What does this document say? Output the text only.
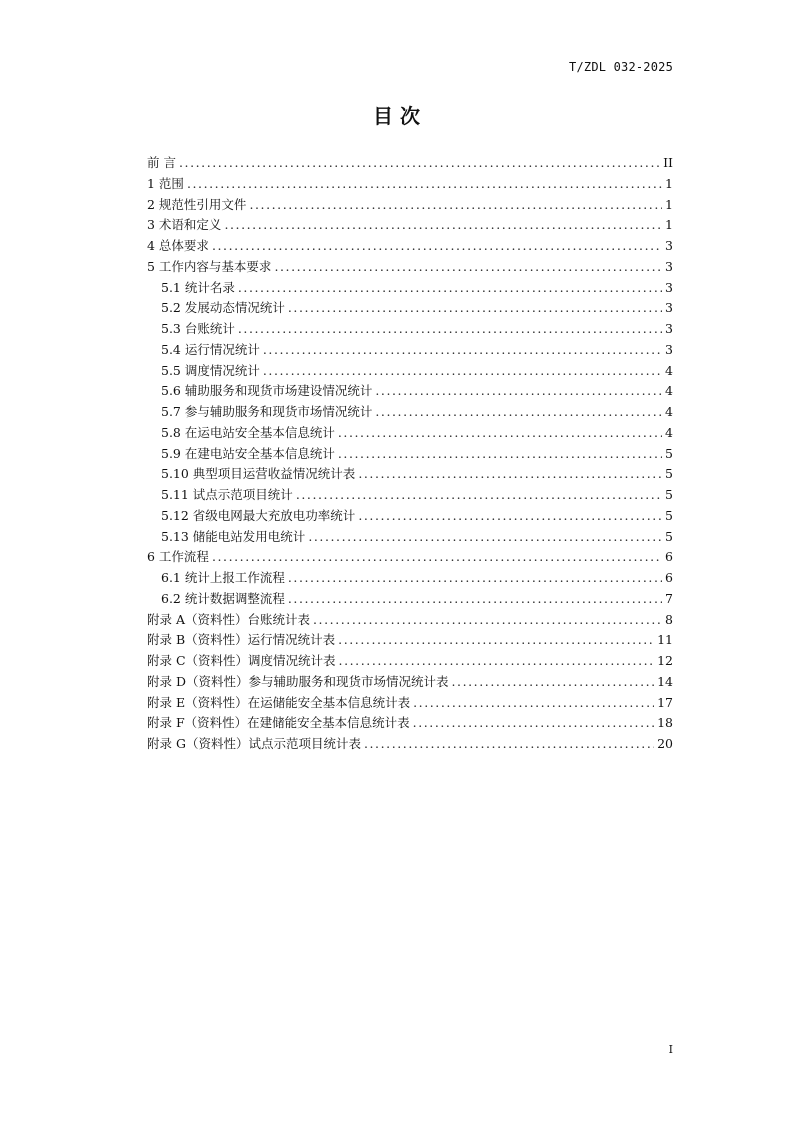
T/ZDL 032-2025
目 次
前 言 . . .	II
1 范围 . . .	1
2 规范性引用文件 . . .	1
3 术语和定义 . . .	1
4 总体要求 . . .	3
5 工作内容与基本要求 . . .	3
5.1 统计名录 . . .	3
5.2 发展动态情况统计 . . .	3
5.3 台账统计 . . .	3
5.4 运行情况统计 . . .	3
5.5 调度情况统计 . . .	4
5.6 辅助服务和现货市场建设情况统计 . . .	4
5.7 参与辅助服务和现货市场情况统计 . . .	4
5.8 在运电站安全基本信息统计 . . .	4
5.9 在建电站安全基本信息统计 . . .	5
5.10 典型项目运营收益情况统计表 . . .	5
5.11 试点示范项目统计 . . .	5
5.12 省级电网最大充放电功率统计 . . .	5
5.13 储能电站发用电统计 . . .	5
6 工作流程 . . .	6
6.1 统计上报工作流程 . . .	6
6.2 统计数据调整流程 . . .	7
附录 A（资料性）台账统计表 . . .	8
附录 B（资料性）运行情况统计表 . . .	11
附录 C（资料性）调度情况统计表 . . .	12
附录 D（资料性）参与辅助服务和现货市场情况统计表 . . .	14
附录 E（资料性）在运储能安全基本信息统计表 . . .	17
附录 F（资料性）在建储能安全基本信息统计表 . . .	18
附录 G（资料性）试点示范项目统计表 . . .	20
I
